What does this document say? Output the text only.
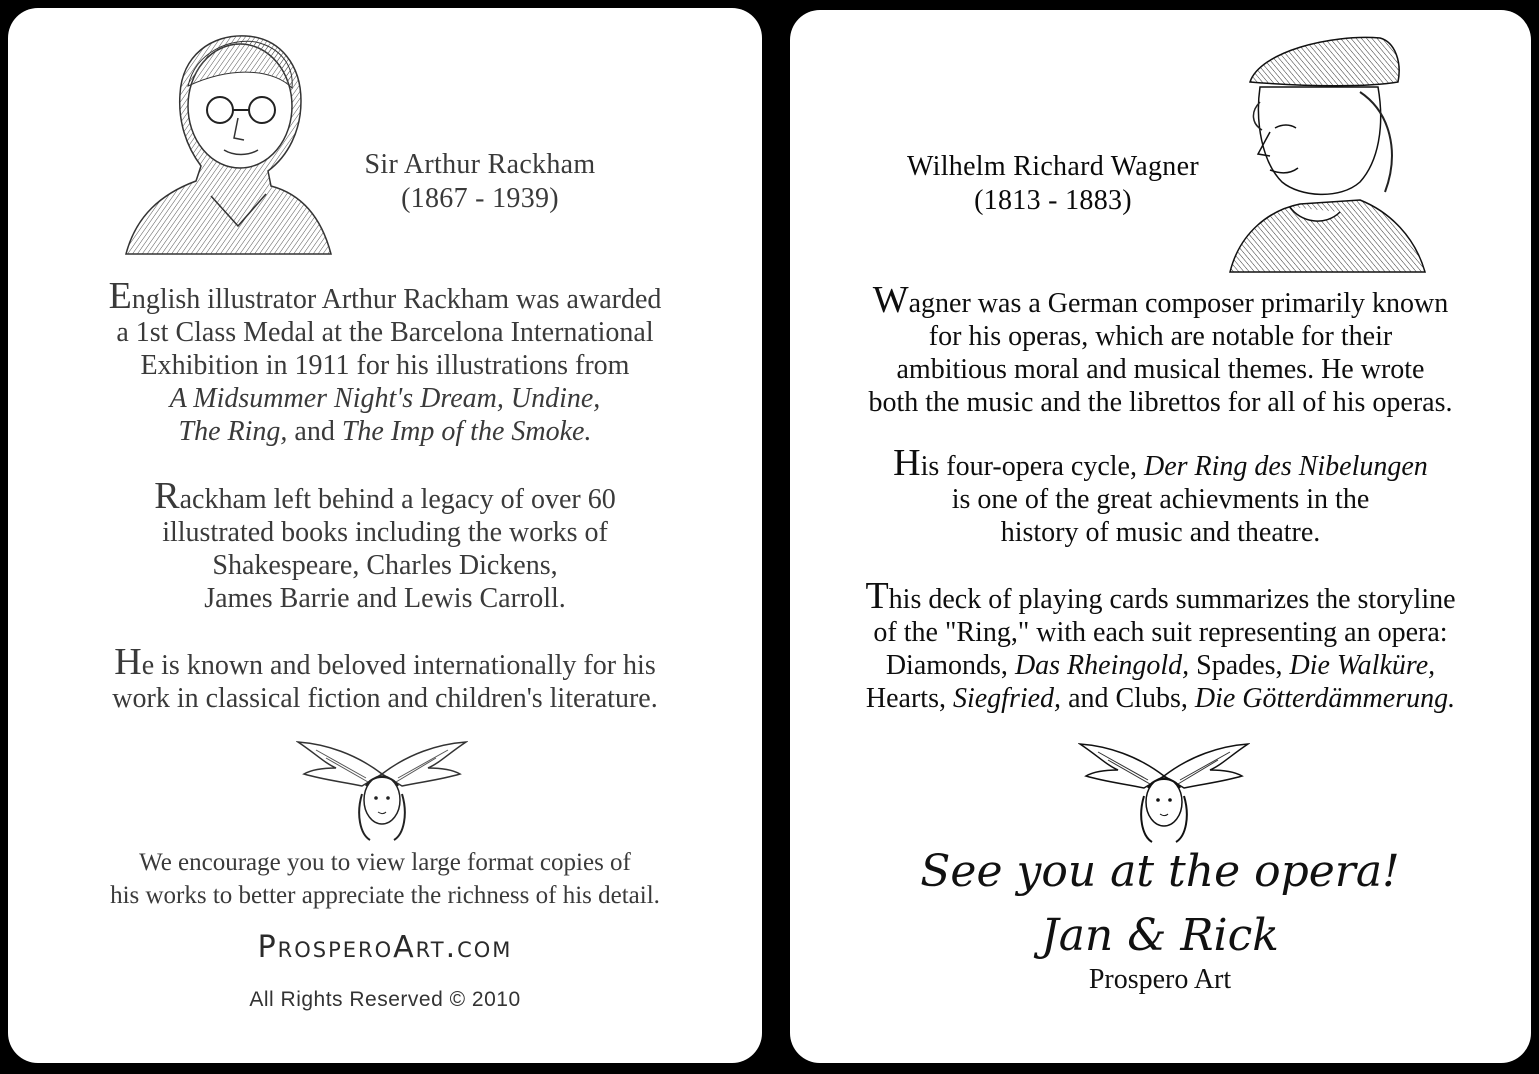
Sir Arthur Rackham
(1867 - 1939)
English illustrator Arthur Rackham was awarded
a 1st Class Medal at the Barcelona International
Exhibition in 1911 for his illustrations from
A Midsummer Night's Dream, Undine,
The Ring, and The Imp of the Smoke.
Rackham left behind a legacy of over 60
illustrated books including the works of
Shakespeare, Charles Dickens,
James Barrie and Lewis Carroll.
He is known and beloved internationally for his
work in classical fiction and children's literature.
We encourage you to view large format copies of
his works to better appreciate the richness of his detail.
ProsperoArt.com
All Rights Reserved © 2010
Wilhelm Richard Wagner
(1813 - 1883)
Wagner was a German composer primarily known
for his operas, which are notable for their
ambitious moral and musical themes. He wrote
both the music and the librettos for all of his operas.
His four-opera cycle, Der Ring des Nibelungen
is one of the great achievments in the
history of music and theatre.
This deck of playing cards summarizes the storyline
of the "Ring," with each suit representing an opera:
Diamonds, Das Rheingold, Spades, Die Walküre,
Hearts, Siegfried, and Clubs, Die Götterdämmerung.
See you at the opera!
Jan & Rick
Prospero Art
